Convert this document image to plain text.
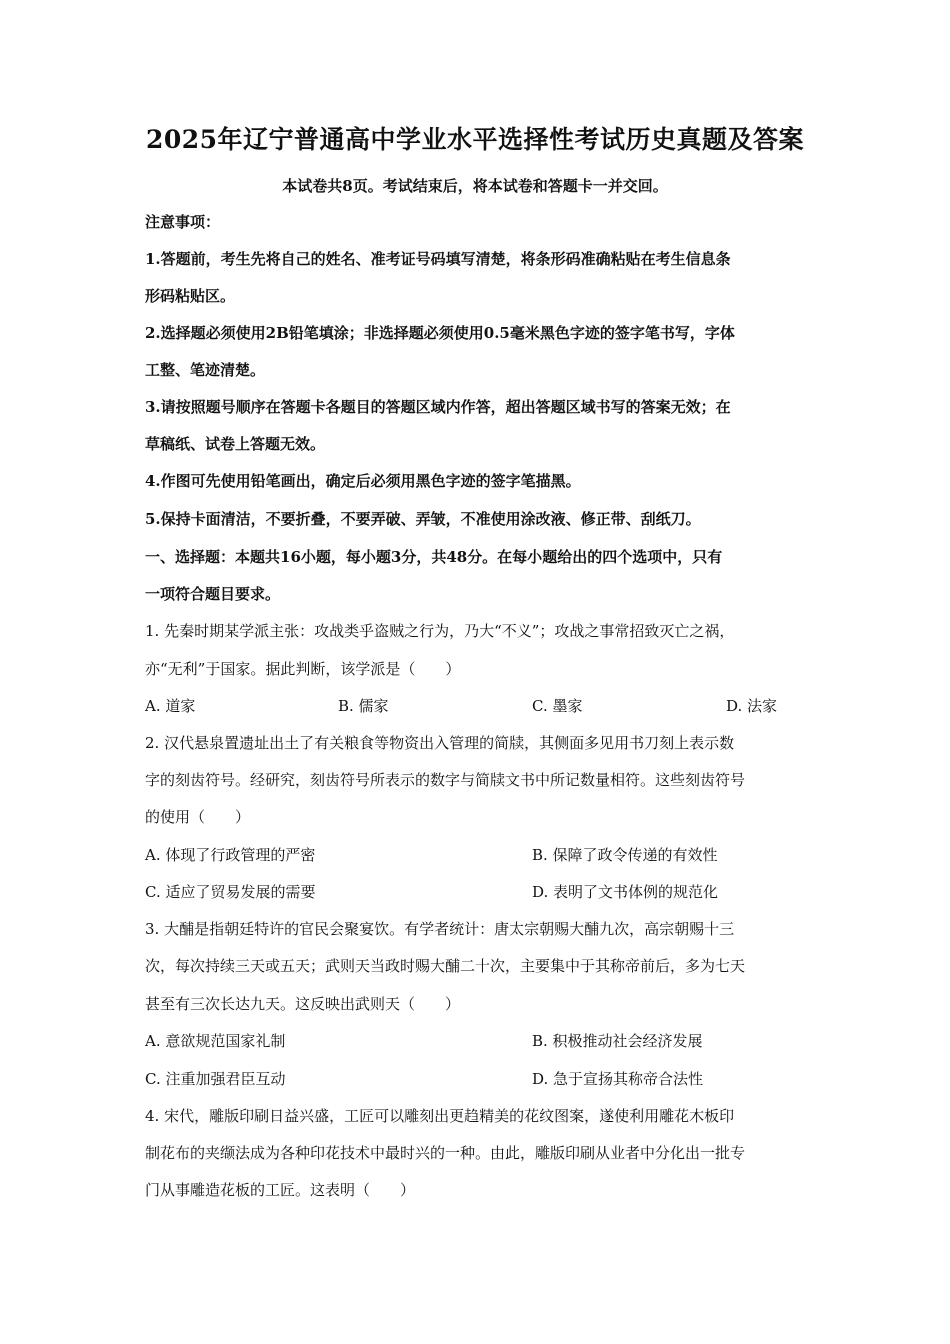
2025年辽宁普通高中学业水平选择性考试历史真题及答案
本试卷共8页。考试结束后，将本试卷和答题卡一并交回。
注意事项：
1.答题前，考生先将自己的姓名、准考证号码填写清楚，将条形码准确粘贴在考生信息条
形码粘贴区。
2.选择题必须使用2B铅笔填涂；非选择题必须使用0.5毫米黑色字迹的签字笔书写，字体
工整、笔迹清楚。
3.请按照题号顺序在答题卡各题目的答题区域内作答，超出答题区域书写的答案无效；在
草稿纸、试卷上答题无效。
4.作图可先使用铅笔画出，确定后必须用黑色字迹的签字笔描黑。
5.保持卡面清洁，不要折叠，不要弄破、弄皱，不准使用涂改液、修正带、刮纸刀。
一、选择题：本题共16小题，每小题3分，共48分。在每小题给出的四个选项中，只有
一项符合题目要求。
1. 先秦时期某学派主张：攻战类乎盗贼之行为，乃大“不义”；攻战之事常招致灭亡之祸，
亦“无利”于国家。据此判断，该学派是（　　）
A. 道家	B. 儒家	C. 墨家	D. 法家
2. 汉代悬泉置遗址出土了有关粮食等物资出入管理的简牍，其侧面多见用书刀刻上表示数
字的刻齿符号。经研究，刻齿符号所表示的数字与简牍文书中所记数量相符。这些刻齿符号
的使用（　　）
A. 体现了行政管理的严密	B. 保障了政令传递的有效性
C. 适应了贸易发展的需要	D. 表明了文书体例的规范化
3. 大酺是指朝廷特许的官民会聚宴饮。有学者统计：唐太宗朝赐大酺九次，高宗朝赐十三
次，每次持续三天或五天；武则天当政时赐大酺二十次，主要集中于其称帝前后，多为七天
甚至有三次长达九天。这反映出武则天（　　）
A. 意欲规范国家礼制	B. 积极推动社会经济发展
C. 注重加强君臣互动	D. 急于宣扬其称帝合法性
4. 宋代，雕版印刷日益兴盛，工匠可以雕刻出更趋精美的花纹图案，遂使利用雕花木板印
制花布的夹缬法成为各种印花技术中最时兴的一种。由此，雕版印刷从业者中分化出一批专
门从事雕造花板的工匠。这表明（　　）
